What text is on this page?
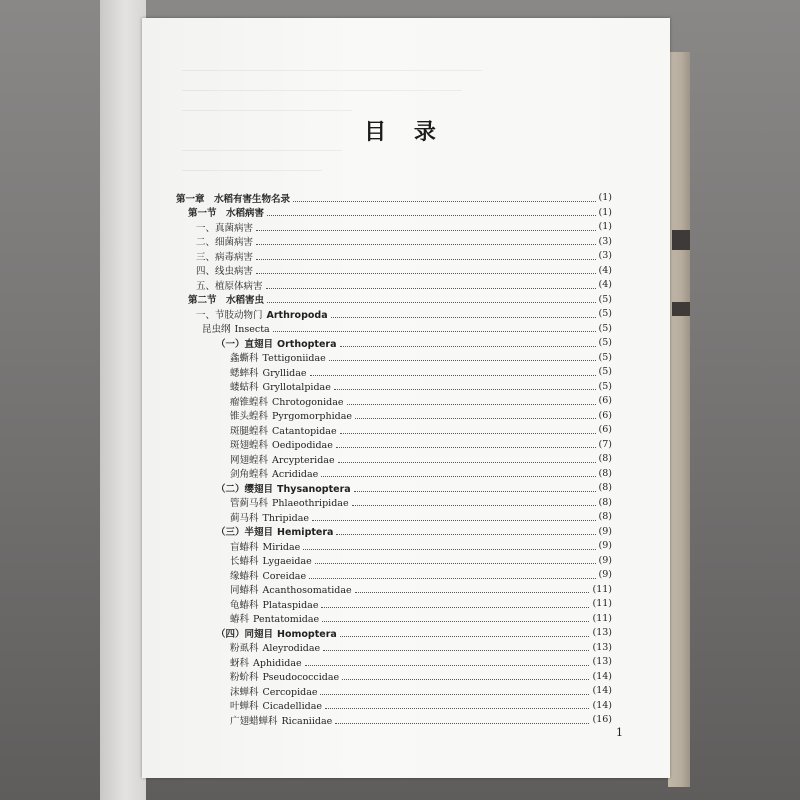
目 录
第一章　水稻有害生物名录	(1)
第一节　水稻病害	(1)
一、真菌病害	(1)
二、细菌病害	(3)
三、病毒病害	(3)
四、线虫病害	(4)
五、植原体病害	(4)
第二节　水稻害虫	(5)
一、节肢动物门 Arthropoda	(5)
昆虫纲 Insecta	(5)
（一）直翅目 Orthoptera	(5)
螽蟖科 Tettigoniidae	(5)
蟋蟀科 Gryllidae	(5)
蝼蛄科 Gryllotalpidae	(5)
瘤锥蝗科 Chrotogonidae	(6)
锥头蝗科 Pyrgomorphidae	(6)
斑腿蝗科 Catantopidae	(6)
斑翅蝗科 Oedipodidae	(7)
网翅蝗科 Arcypteridae	(8)
剑角蝗科 Acrididae	(8)
（二）缨翅目 Thysanoptera	(8)
管蓟马科 Phlaeothripidae	(8)
蓟马科 Thripidae	(8)
（三）半翅目 Hemiptera	(9)
盲蝽科 Miridae	(9)
长蝽科 Lygaeidae	(9)
缘蝽科 Coreidae	(9)
同蝽科 Acanthosomatidae	(11)
龟蝽科 Plataspidae	(11)
蝽科 Pentatomidae	(11)
（四）同翅目 Homoptera	(13)
粉虱科 Aleyrodidae	(13)
蚜科 Aphididae	(13)
粉蚧科 Pseudococcidae	(14)
沫蝉科 Cercopidae	(14)
叶蝉科 Cicadellidae	(14)
广翅蜡蝉科 Ricaniidae	(16)
1
